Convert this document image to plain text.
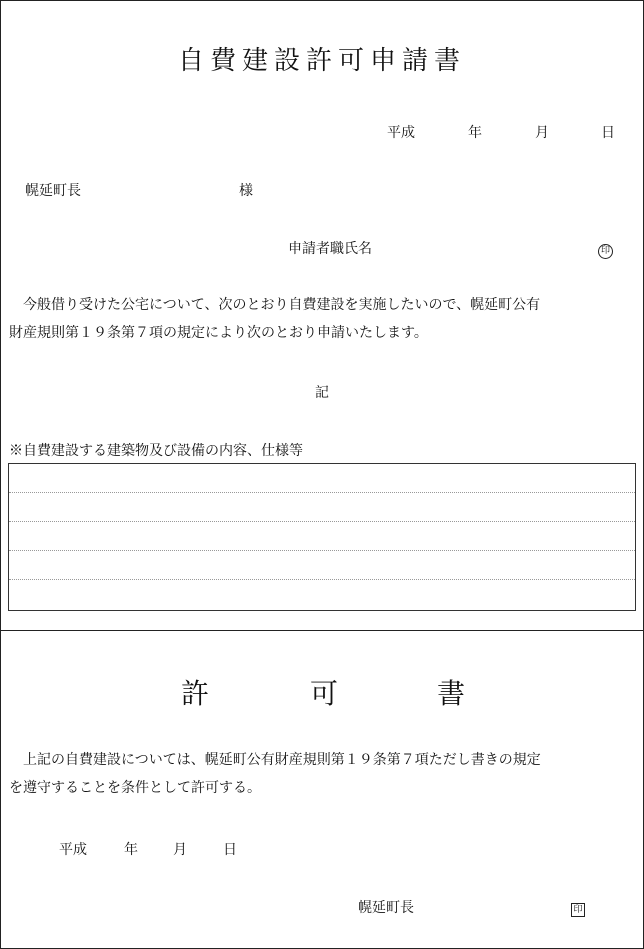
自費建設許可申請書
平成	年	月	日
幌延町長	様
申請者職氏名	印
今般借り受けた公宅について、次のとおり自費建設を実施したいので、幌延町公有
財産規則第１９条第７項の規定により次のとおり申請いたします。
記
※自費建設する建築物及び設備の内容、仕様等
許	可	書
上記の自費建設については、幌延町公有財産規則第１９条第７項ただし書きの規定
を遵守することを条件として許可する。
平成	年	月	日
幌延町長	印
